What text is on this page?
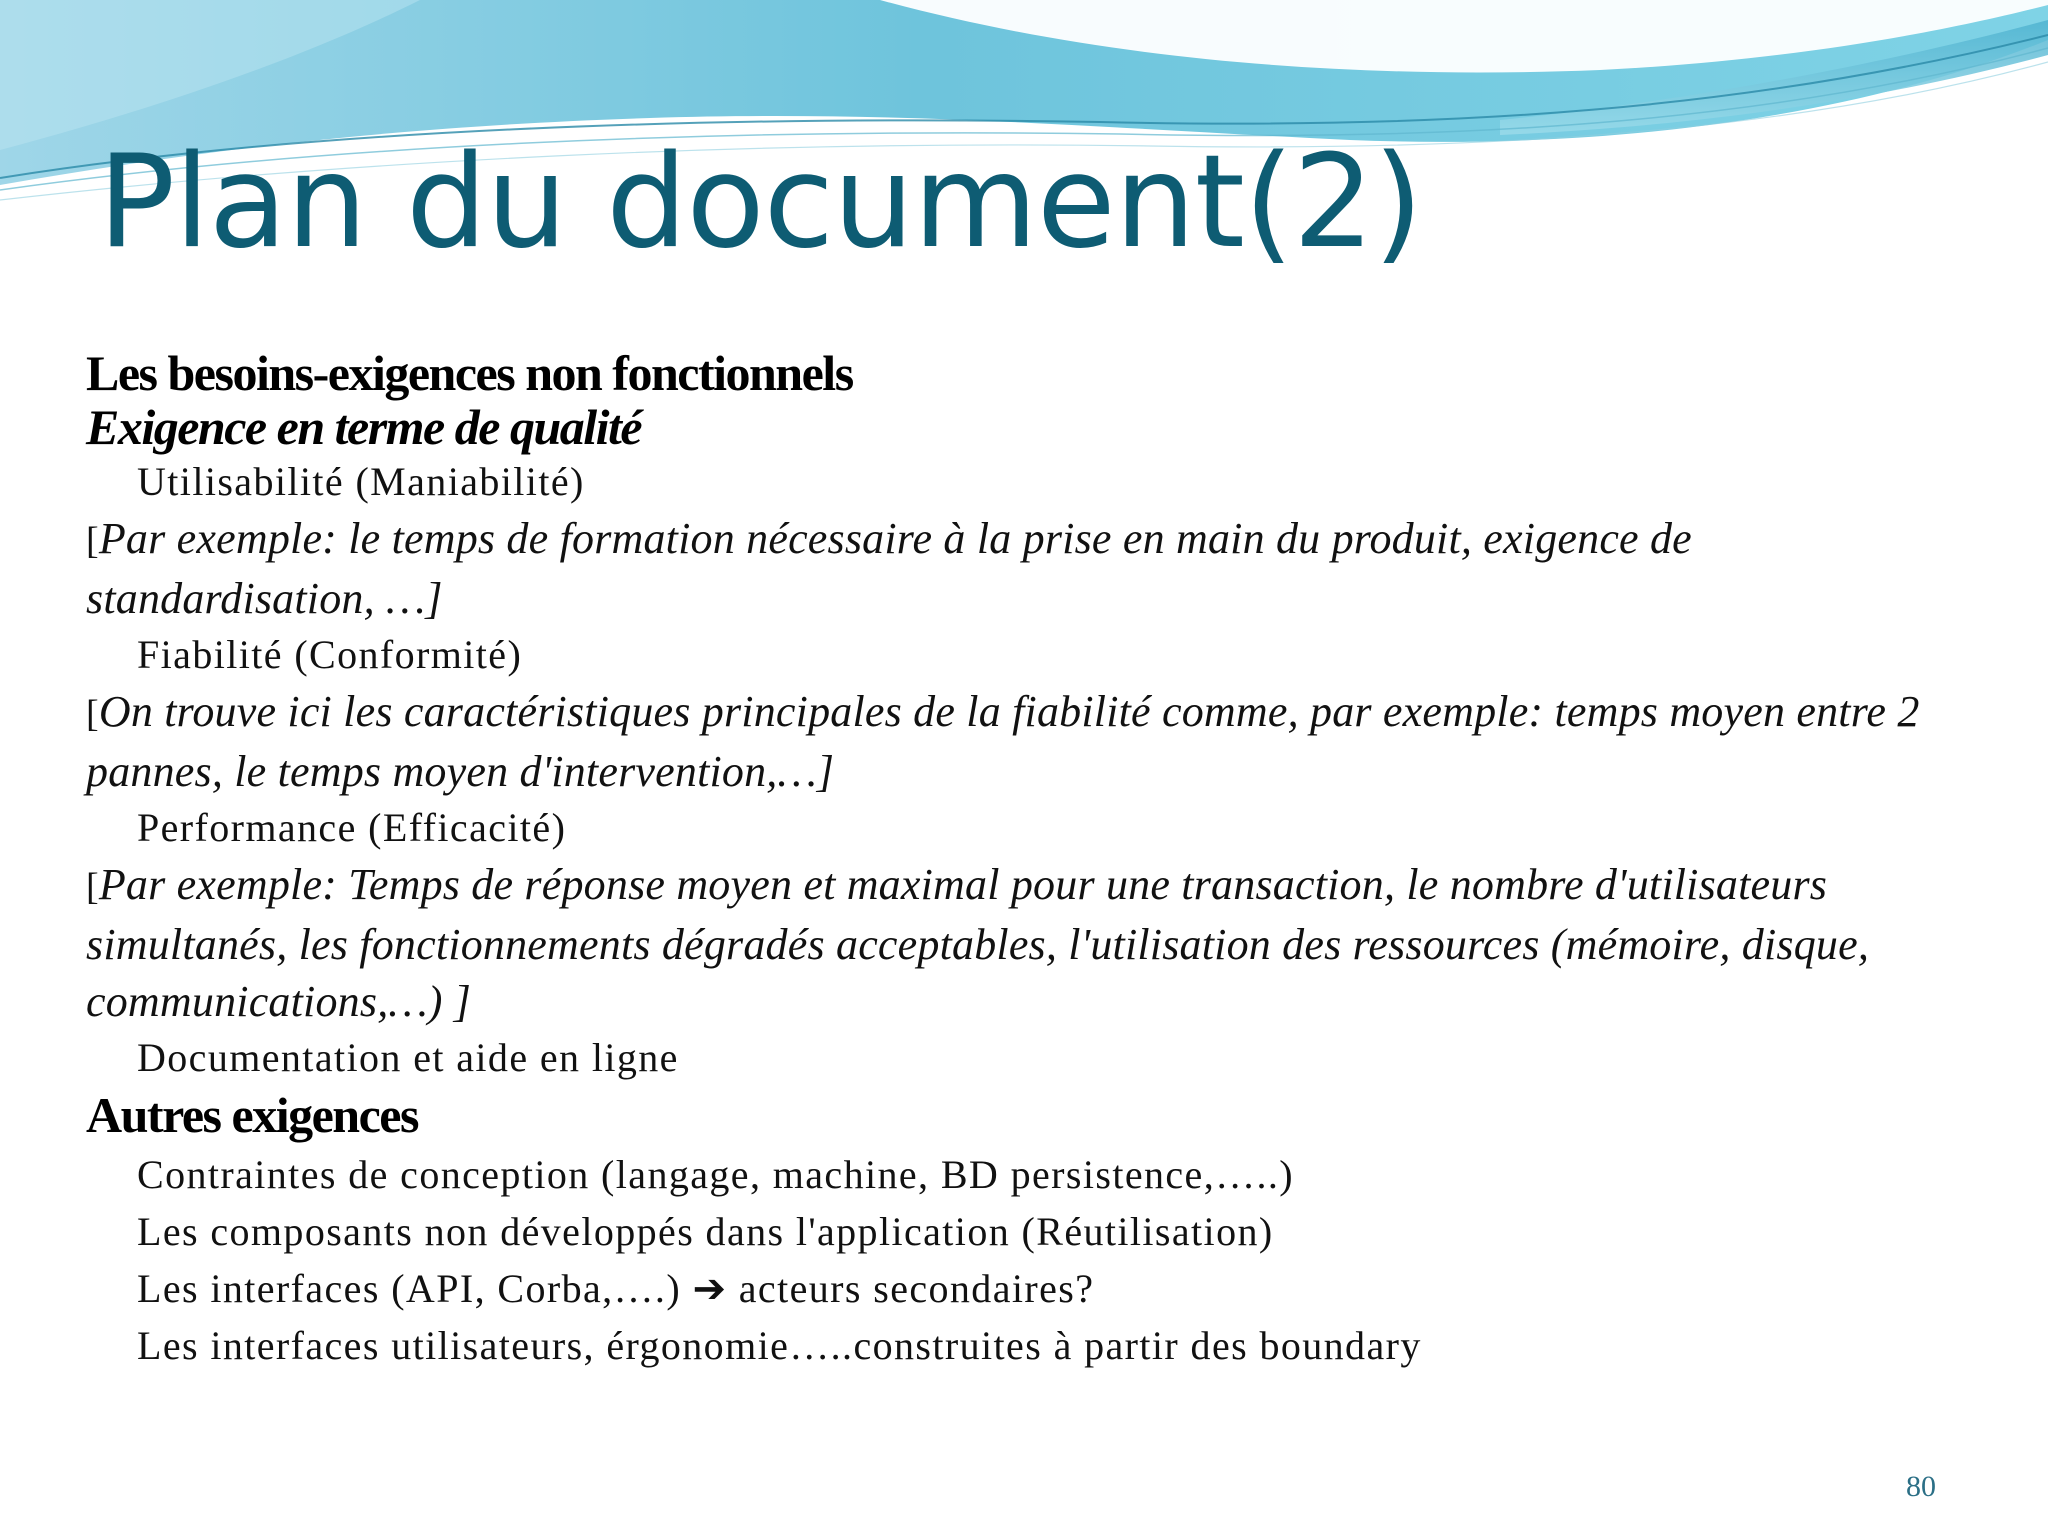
Plan du document(2)
Les besoins-exigences non fonctionnels
Exigence en terme de qualité
Utilisabilité (Maniabilité)
[Par exemple: le temps de formation nécessaire à la prise en main du produit, exigence de standardisation, …]
Fiabilité (Conformité)
[On trouve ici les caractéristiques principales de la fiabilité comme, par exemple: temps moyen entre 2 pannes, le temps moyen d'intervention,…]
Performance (Efficacité)
[Par exemple: Temps de réponse moyen et maximal pour une transaction, le nombre d'utilisateurs simultanés, les fonctionnements dégradés acceptables, l'utilisation des ressources (mémoire, disque, communications,…) ]
Documentation et aide en ligne
Autres exigences
Contraintes de conception (langage, machine, BD persistence,…..)
Les composants non développés dans l'application (Réutilisation)
Les interfaces (API, Corba,….) ➔ acteurs secondaires?
Les interfaces utilisateurs, érgonomie…..construites à partir des boundary
80
